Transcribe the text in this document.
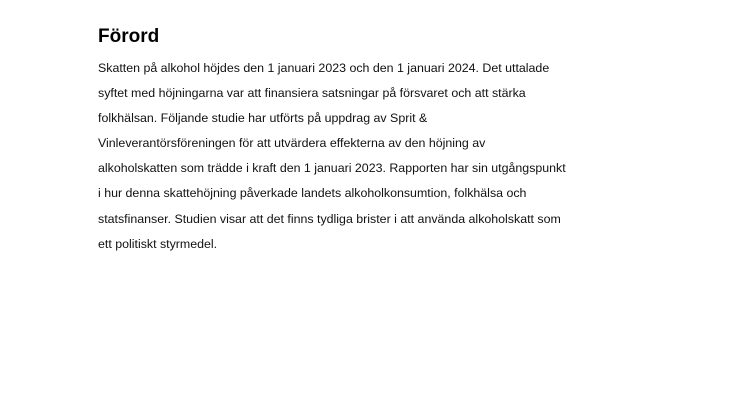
Förord
Skatten på alkohol höjdes den 1 januari 2023 och den 1 januari 2024. Det uttalade
syftet med höjningarna var att finansiera satsningar på försvaret och att stärka
folkhälsan. Följande studie har utförts på uppdrag av Sprit &
Vinleverantörsföreningen för att utvärdera effekterna av den höjning av
alkoholskatten som trädde i kraft den 1 januari 2023. Rapporten har sin utgångspunkt
i hur denna skattehöjning påverkade landets alkoholkonsumtion, folkhälsa och
statsfinanser. Studien visar att det finns tydliga brister i att använda alkoholskatt som
ett politiskt styrmedel.
